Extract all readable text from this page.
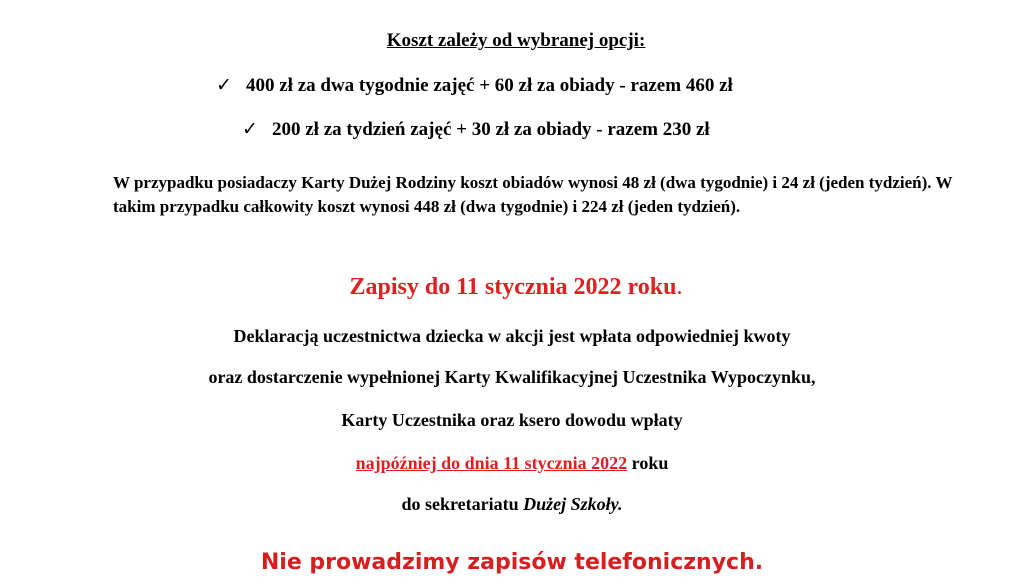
Koszt zależy od wybranej opcji:
✓ 400 zł za dwa tygodnie zajęć + 60 zł za obiady - razem 460 zł
✓ 200 zł za tydzień zajęć + 30 zł za obiady - razem 230 zł
W przypadku posiadaczy Karty Dużej Rodziny koszt obiadów wynosi 48 zł (dwa tygodnie) i 24 zł (jeden tydzień). W takim przypadku całkowity koszt wynosi 448 zł (dwa tygodnie) i 224 zł (jeden tydzień).
Zapisy do 11 stycznia 2022 roku.
Deklaracją uczestnictwa dziecka w akcji jest wpłata odpowiedniej kwoty
oraz dostarczenie wypełnionej Karty Kwalifikacyjnej Uczestnika Wypoczynku,
Karty Uczestnika oraz ksero dowodu wpłaty
najpóźniej do dnia 11 stycznia 2022 roku
do sekretariatu Dużej Szkoły.
Nie prowadzimy zapisów telefonicznych.
